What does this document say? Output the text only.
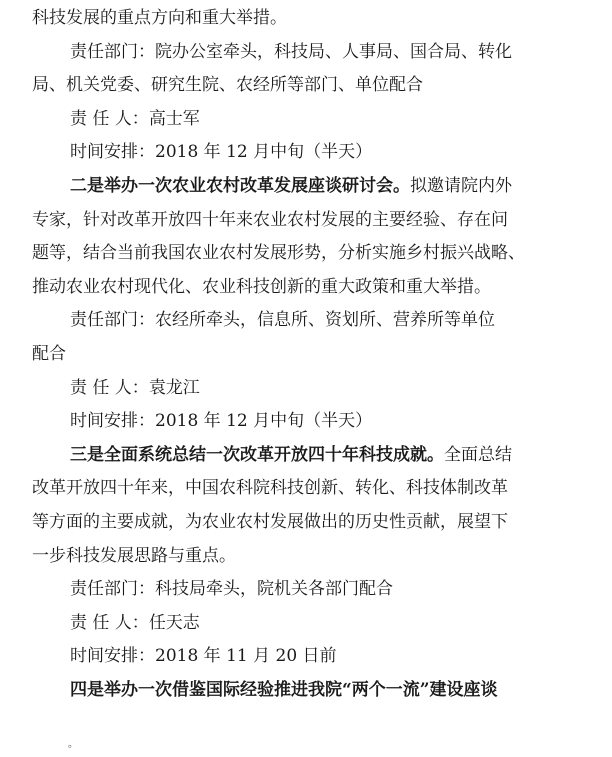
科技发展的重点方向和重大举措。
责任部门：院办公室牵头，科技局、人事局、国合局、转化
局、机关党委、研究生院、农经所等部门、单位配合
责 任 人：高士军
时间安排：2018 年 12 月中旬（半天）
二是举办一次农业农村改革发展座谈研讨会。拟邀请院内外
专家，针对改革开放四十年来农业农村发展的主要经验、存在问
题等，结合当前我国农业农村发展形势，分析实施乡村振兴战略、
推动农业农村现代化、农业科技创新的重大政策和重大举措。
责任部门：农经所牵头，信息所、资划所、营养所等单位
配合
责 任 人：袁龙江
时间安排：2018 年 12 月中旬（半天）
三是全面系统总结一次改革开放四十年科技成就。全面总结
改革开放四十年来，中国农科院科技创新、转化、科技体制改革
等方面的主要成就，为农业农村发展做出的历史性贡献，展望下
一步科技发展思路与重点。
责任部门：科技局牵头，院机关各部门配合
责 任 人：任天志
时间安排：2018 年 11 月 20 日前
四是举办一次借鉴国际经验推进我院“两个一流”建设座谈
。
